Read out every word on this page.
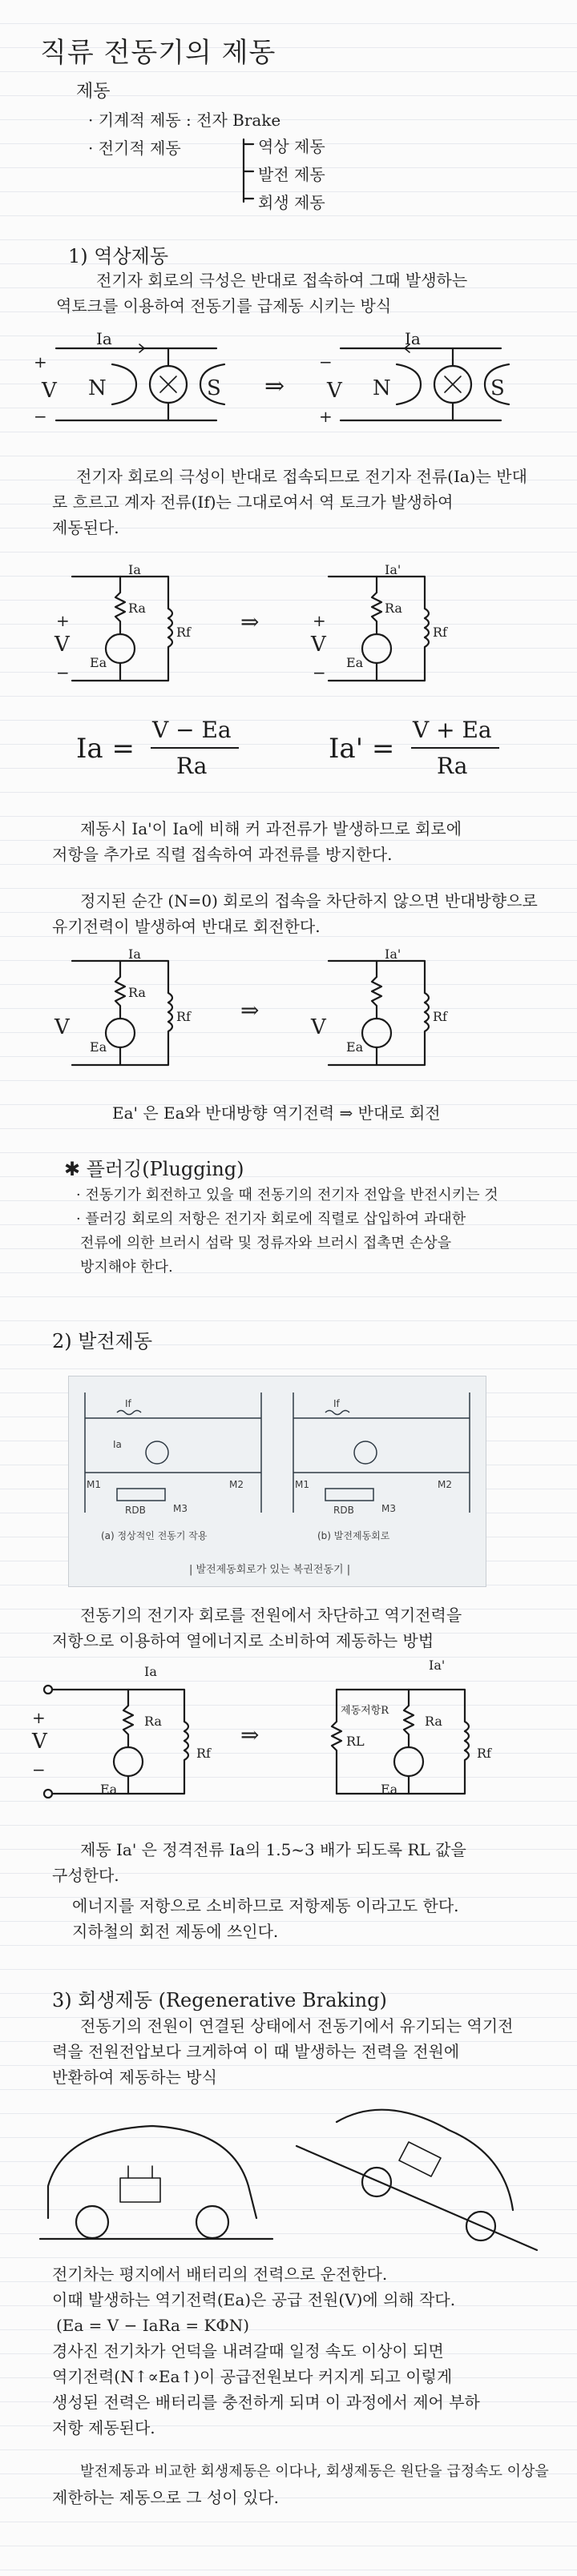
직류 전동기의 제동
제동
· 기계적 제동 : 전자 Brake
· 전기적 제동	역상 제동
발전 제동
회생 제동
1) 역상제동
전기자 회로의 극성은 반대로 접속하여 그때 발생하는
역토크를 이용하여 전동기를 급제동 시키는 방식
Ia
+
V
−
N	S ⇒
Ia
−
V
+
N	S
전기자 회로의 극성이 반대로 접속되므로 전기자 전류(Ia)는 반대
로 흐르고 계자 전류(If)는 그대로여서 역 토크가 발생하여
제동된다.
Ia
Ra
Ea
Rf
V
+
−
⇒
Ia'
Ra
Ea
Rf
V
+
−
Ia =
V − Ea
Ra
Ia' =
V + Ea
Ra
제동시 Ia'이 Ia에 비해 커 과전류가 발생하므로 회로에
저항을 추가로 직렬 접속하여 과전류를 방지한다.
정지된 순간 (N=0) 회로의 접속을 차단하지 않으면 반대방향으로
유기전력이 발생하여 반대로 회전한다.
Ia
Ra
Ea
Rf
V
⇒
Ia'
Ea
Rf
V
Ea' 은 Ea와 반대방향 역기전력 ⇒ 반대로 회전
✱ 플러깅(Plugging)
· 전동기가 회전하고 있을 때 전동기의 전기자 전압을 반전시키는 것
· 플러깅 회로의 저항은 전기자 회로에 직렬로 삽입하여 과대한
전류에 의한 브러시 섬락 및 정류자와 브러시 접촉면 손상을
방지해야 한다.
2) 발전제동
If
Ia
M1	M2
M3
RDB
If
M1	M2
M3
RDB
(a) 정상적인 전동기 작용	(b) 발전제동회로
| 발전제동회로가 있는 복권전동기 |
전동기의 전기자 회로를 전원에서 차단하고 역기전력을
저항으로 이용하여 열에너지로 소비하여 제동하는 방법
Ia
Ra
Ea
Rf
V
+
−
⇒
Ia'
Ra
Ea
Rf
RL
제동저항R
제동 Ia' 은 정격전류 Ia의 1.5~3 배가 되도록 RL 값을
구성한다.
에너지를 저항으로 소비하므로 저항제동 이라고도 한다.
지하철의 회전 제동에 쓰인다.
3) 회생제동 (Regenerative Braking)
전동기의 전원이 연결된 상태에서 전동기에서 유기되는 역기전
력을 전원전압보다 크게하여 이 때 발생하는 전력을 전원에
반환하여 제동하는 방식
전기차는 평지에서 배터리의 전력으로 운전한다.
이때 발생하는 역기전력(Ea)은 공급 전원(V)에 의해 작다.
(Ea = V − IaRa = KΦN)
경사진 전기차가 언덕을 내려갈때 일정 속도 이상이 되면
역기전력(N↑∝Ea↑)이 공급전원보다 커지게 되고 이렇게
생성된 전력은 배터리를 충전하게 되며 이 과정에서 제어 부하
저항 제동된다.
발전제동과 비교한 회생제동은 이다나, 회생제동은 원단을 급정속도 이상을
제한하는 제동으로 그 성이 있다.
